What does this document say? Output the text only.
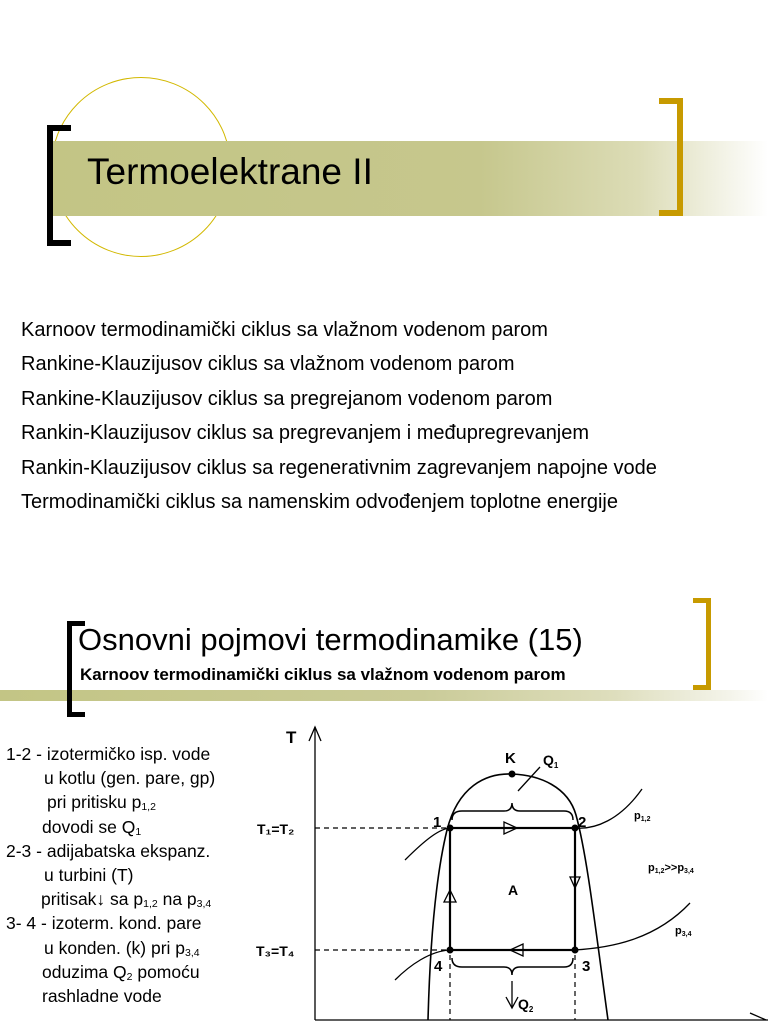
Termoelektrane II
Karnoov termodinamički ciklus sa vlažnom vodenom parom
Rankine-Klauzijusov ciklus sa vlažnom vodenom parom
Rankine-Klauzijusov ciklus sa pregrejanom vodenom parom
Rankin-Klauzijusov ciklus sa pregrevanjem i međupregrevanjem
Rankin-Klauzijusov ciklus sa regenerativnim zagrevanjem napojne vode
Termodinamički ciklus sa namenskim odvođenjem toplotne energije
Osnovni pojmovi termodinamike (15)
Karnoov termodinamički ciklus sa vlažnom vodenom parom
1-2 - izotermičko isp. vode
u kotlu (gen. pare, gp)
pri pritisku $p_{1,2}$
dovodi se $Q_1$
2-3 - adijabatska ekspanz.
u turbini (T)
pritisak↓ sa $p_{1,2}$ na $p_{3,4}$
3- 4 - izoterm. kond. pare
u konden. (k) pri $p_{3,4}$
oduzima $Q_2$ pomoću
rashladne vode
T
K $Q_1$
$Q_2$
T₁=T₂
T₃=T₄
1	2
3
4
A
p1,2
p3,4
p1,2>>p3,4
